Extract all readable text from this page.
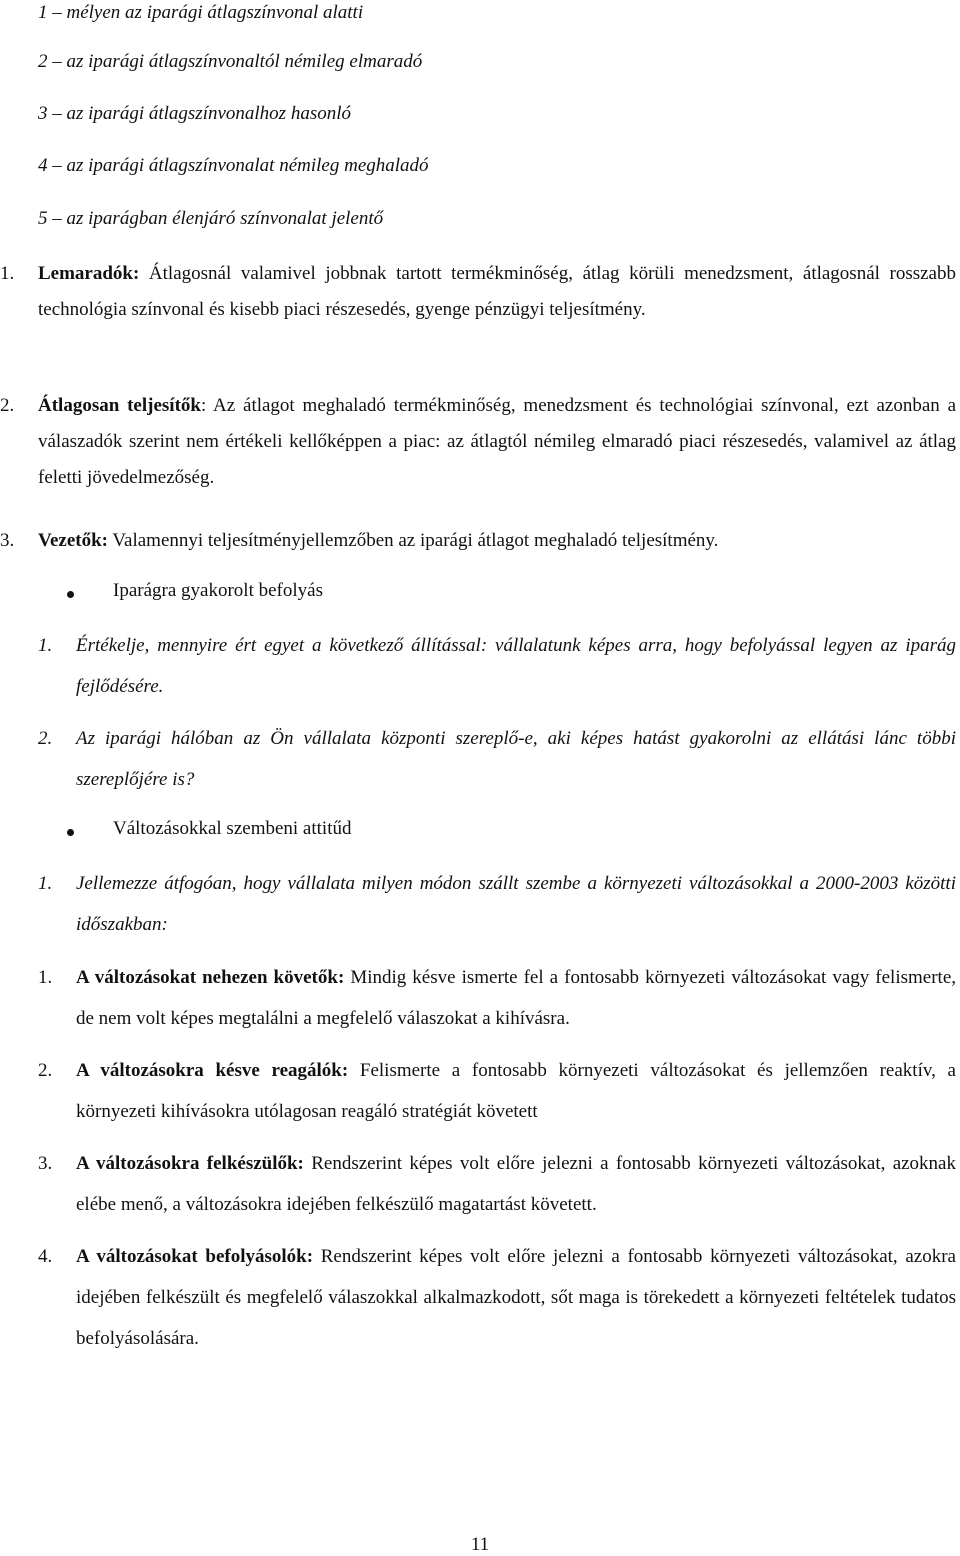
1 – mélyen az iparági átlagszínvonal alatti
2 – az iparági átlagszínvonaltól némileg elmaradó
3 – az iparági átlagszínvonalhoz hasonló
4 – az iparági átlagszínvonalat némileg meghaladó
5 – az iparágban élenjáró színvonalat jelentő
1. Lemaradók: Átlagosnál valamivel jobbnak tartott termékminőség, átlag körüli menedzsment, átlagosnál rosszabb technológia színvonal és kisebb piaci részesedés, gyenge pénzügyi teljesítmény.
2. Átlagosan teljesítők: Az átlagot meghaladó termékminőség, menedzsment és technológiai színvonal, ezt azonban a válaszadók szerint nem értékeli kellőképpen a piac: az átlagtól némileg elmaradó piaci részesedés, valamivel az átlag feletti jövedelmezőség.
3. Vezetők: Valamennyi teljesítményjellemzőben az iparági átlagot meghaladó teljesítmény.
Iparágra gyakorolt befolyás
1. Értékelje, mennyire ért egyet a következő állítással: vállalatunk képes arra, hogy befolyással legyen az iparág fejlődésére.
2. Az iparági hálóban az Ön vállalata központi szereplő-e, aki képes hatást gyakorolni az ellátási lánc többi szereplőjére is?
Változásokkal szembeni attitűd
1. Jellemezze átfogóan, hogy vállalata milyen módon szállt szembe a környezeti változásokkal a 2000-2003 közötti időszakban:
1. A változásokat nehezen követők: Mindig késve ismerte fel a fontosabb környezeti változásokat vagy felismerte, de nem volt képes megtalálni a megfelelő válaszokat a kihívásra.
2. A változásokra késve reagálók: Felismerte a fontosabb környezeti változásokat és jellemzően reaktív, a környezeti kihívásokra utólagosan reagáló stratégiát követett
3. A változásokra felkészülők: Rendszerint képes volt előre jelezni a fontosabb környezeti változásokat, azoknak elébe menő, a változásokra idejében felkészülő magatartást követett.
4. A változásokat befolyásolók: Rendszerint képes volt előre jelezni a fontosabb környezeti változásokat, azokra idejében felkészült és megfelelő válaszokkal alkalmazkodott, sőt maga is törekedett a környezeti feltételek tudatos befolyásolására.
11
